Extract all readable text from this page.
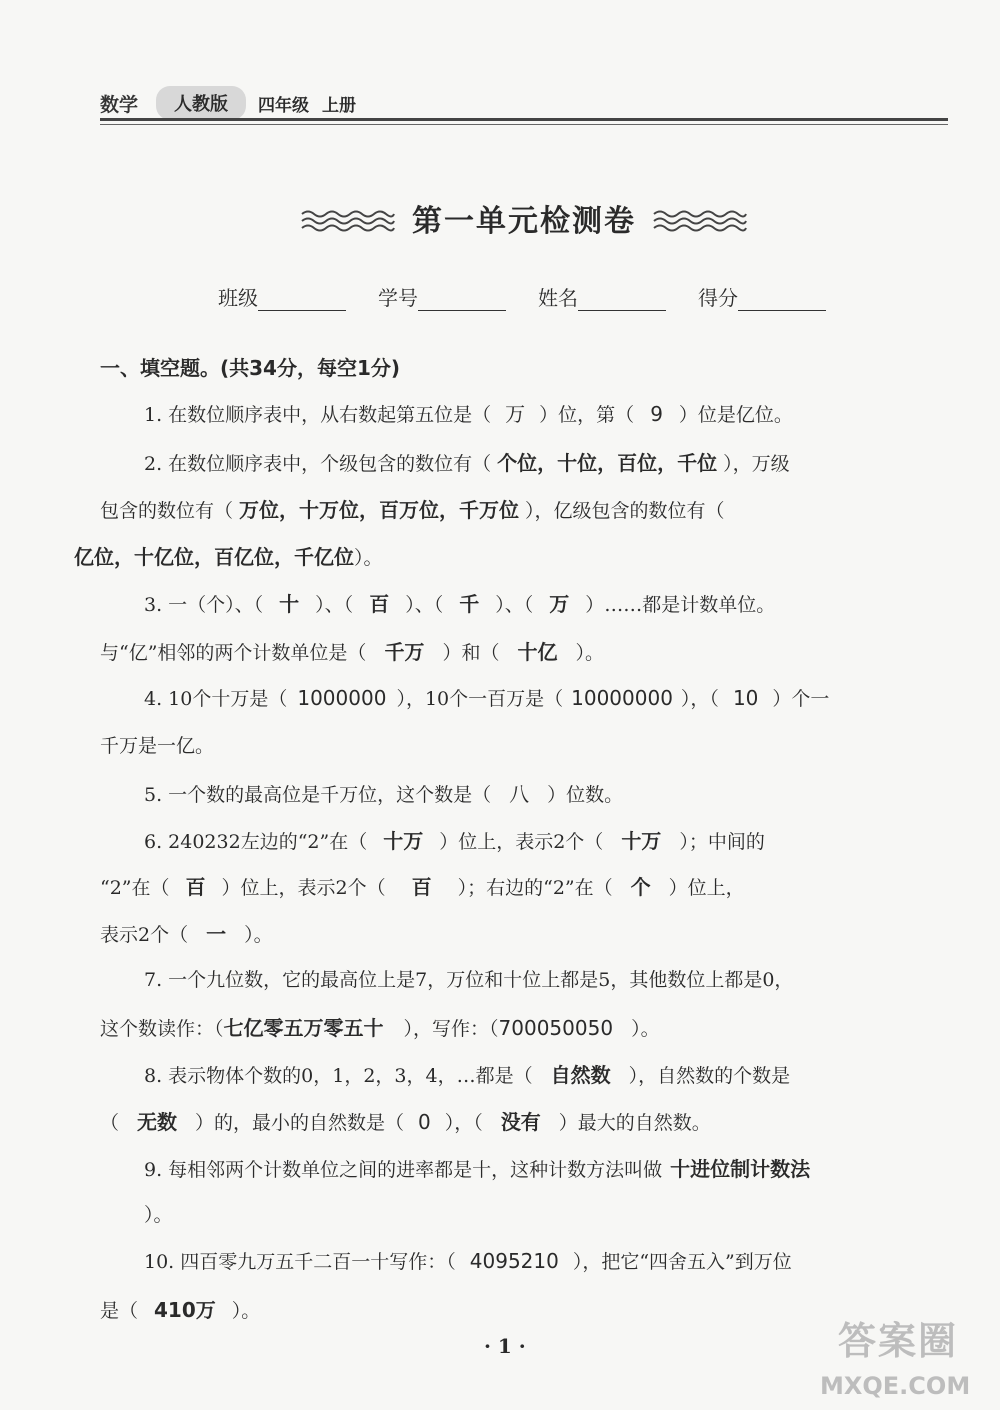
数学	人教版	四年级 上册
第一单元检测卷
班级	学号	姓名	得分
一、填空题。(共34分，每空1分)
1. 在数位顺序表中，从右数起第五位是（ 万 ）位，第（ 9 ）位是亿位。
2. 在数位顺序表中，个级包含的数位有（ 个位，十位，百位，千位 ），万级
包含的数位有（ 万位，十万位，百万位，千万位 ），亿级包含的数位有（
亿位，十亿位，百亿位，千亿位）。
3. 一（个）、（ 十 ）、（ 百 ）、（ 千 ）、（ 万 ）……都是计数单位。
与“亿”相邻的两个计数单位是（ 千万 ）和（ 十亿 ）。
4. 10个十万是（ 1000000 ），10个一百万是（ 10000000 ），（ 10 ）个一
千万是一亿。
5. 一个数的最高位是千万位，这个数是（ 八 ）位数。
6. 240232左边的“2”在（ 十万 ）位上，表示2个（ 十万 ）；中间的
“2”在（ 百 ）位上，表示2个（ 百 ）；右边的“2”在（ 个 ）位上，
表示2个（ 一 ）。
7. 一个九位数，它的最高位上是7，万位和十位上都是5，其他数位上都是0，
这个数读作：（七亿零五万零五十 ），写作：（700050050 ）。
8. 表示物体个数的0，1，2，3，4，…都是（ 自然数 ），自然数的个数是
（ 无数 ）的，最小的自然数是（ 0 ），（ 没有 ）最大的自然数。
9. 每相邻两个计数单位之间的进率都是十，这种计数方法叫做 十进位制计数法
）。
10. 四百零九万五千二百一十写作：（ 4095210 ），把它“四舍五入”到万位
是（ 410万 ）。
· 1 ·	答案圈
MXQE.COM
